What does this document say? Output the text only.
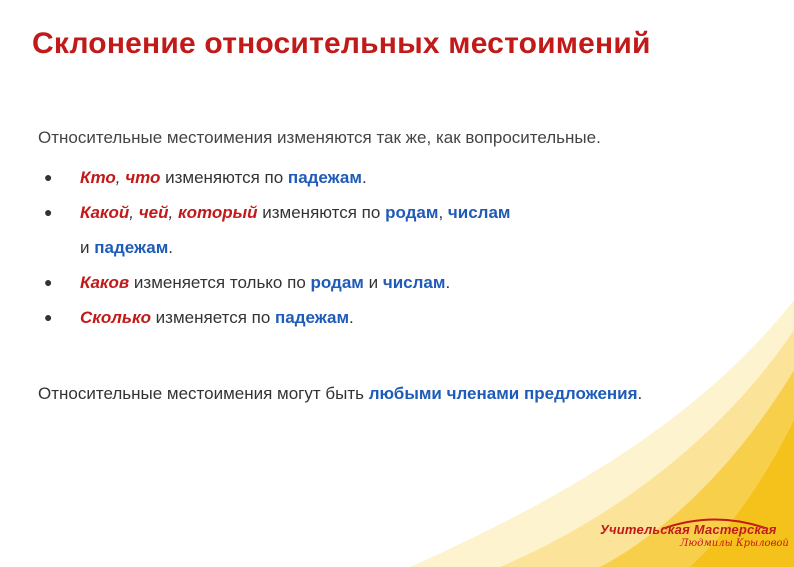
Склонение относительных местоимений
Относительные местоимения изменяются так же, как вопросительные.
● Кто, что изменяются по падежам.
● Какой, чей, который изменяются по родам, числам
и падежам.
● Каков изменяется только по родам и числам.
● Сколько изменяется по падежам.
Относительные местоимения могут быть любыми членами предложения.
Учительская Мастерская
Людмилы Крыловой
